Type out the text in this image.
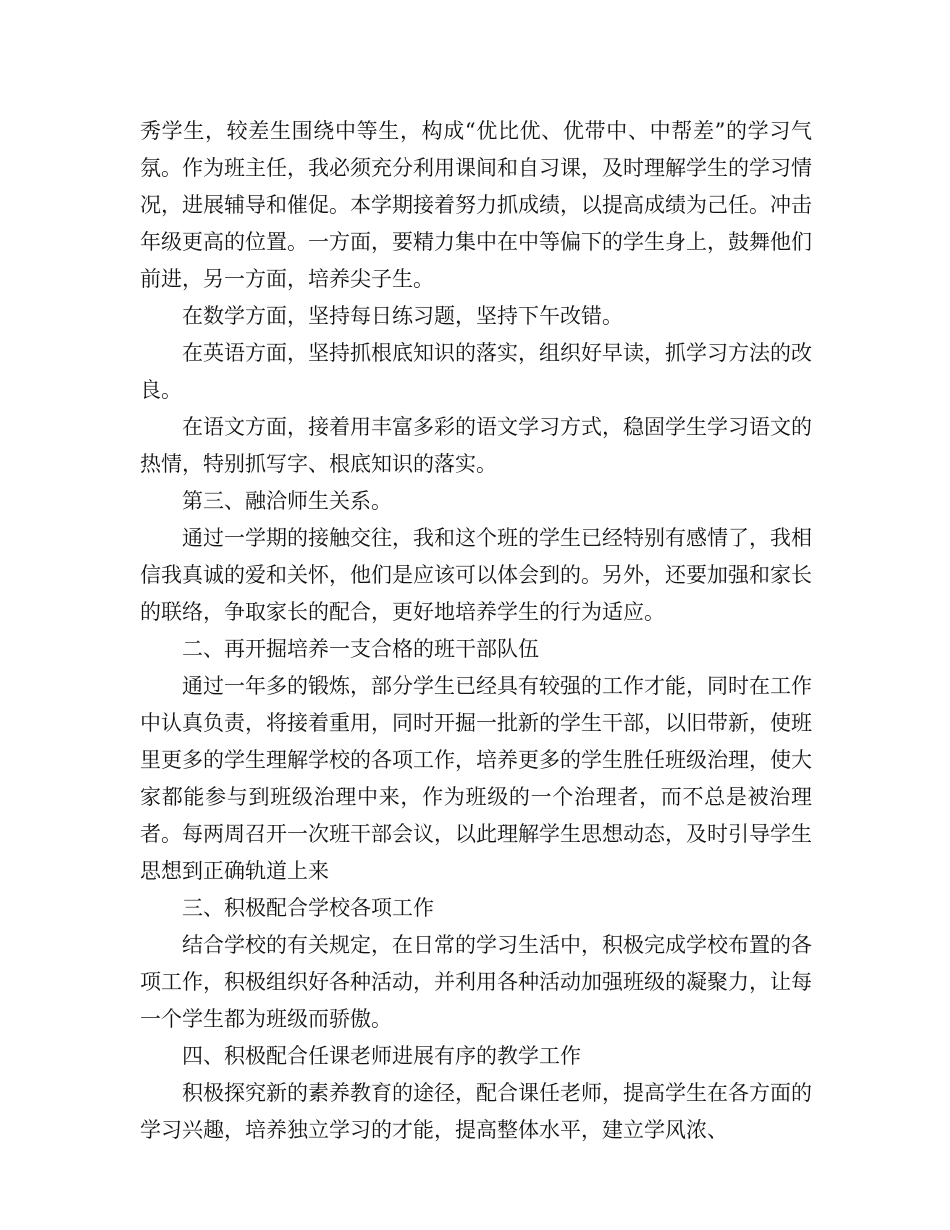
秀学生，较差生围绕中等生，构成“优比优、优带中、中帮差”的学习气氛。作为班主任，我必须充分利用课间和自习课，及时理解学生的学习情况，进展辅导和催促。本学期接着努力抓成绩，以提高成绩为己任。冲击年级更高的位置。一方面，要精力集中在中等偏下的学生身上，鼓舞他们前进，另一方面，培养尖子生。

在数学方面，坚持每日练习题，坚持下午改错。

在英语方面，坚持抓根底知识的落实，组织好早读，抓学习方法的改良。

在语文方面，接着用丰富多彩的语文学习方式，稳固学生学习语文的热情，特别抓写字、根底知识的落实。

第三、融洽师生关系。

通过一学期的接触交往，我和这个班的学生已经特别有感情了，我相信我真诚的爱和关怀，他们是应该可以体会到的。另外，还要加强和家长的联络，争取家长的配合，更好地培养学生的行为适应。

二、再开掘培养一支合格的班干部队伍

通过一年多的锻炼，部分学生已经具有较强的工作才能，同时在工作中认真负责，将接着重用，同时开掘一批新的学生干部，以旧带新，使班里更多的学生理解学校的各项工作，培养更多的学生胜任班级治理，使大家都能参与到班级治理中来，作为班级的一个治理者，而不总是被治理者。每两周召开一次班干部会议，以此理解学生思想动态，及时引导学生思想到正确轨道上来

三、积极配合学校各项工作

结合学校的有关规定，在日常的学习生活中，积极完成学校布置的各项工作，积极组织好各种活动，并利用各种活动加强班级的凝聚力，让每一个学生都为班级而骄傲。

四、积极配合任课老师进展有序的教学工作

积极探究新的素养教育的途径，配合课任老师，提高学生在各方面的学习兴趣，培养独立学习的才能，提高整体水平，建立学风浓、
